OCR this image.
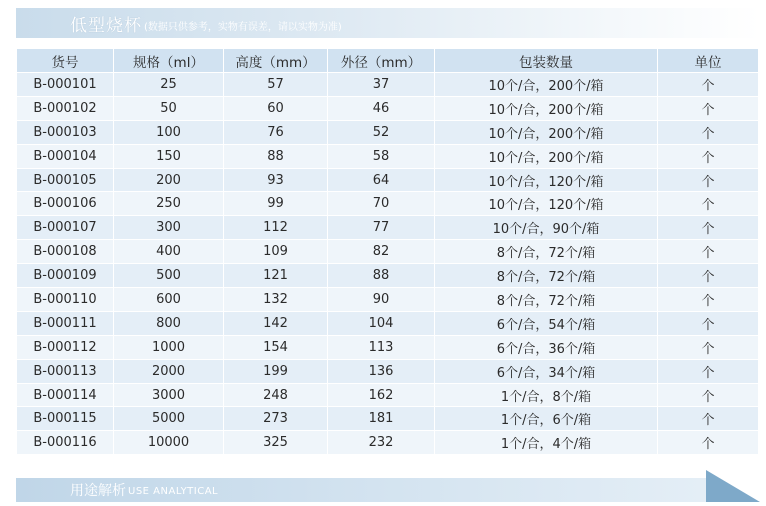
低型烧杯 (数据只供参考，实物有误差，请以实物为准)
货号	规格（ml）	高度（mm）	外径（mm）	包装数量	单位
B-000101	25	57	37	10个/合，200个/箱	个
B-000102	50	60	46	10个/合，200个/箱	个
B-000103	100	76	52	10个/合，200个/箱	个
B-000104	150	88	58	10个/合，200个/箱	个
B-000105	200	93	64	10个/合，120个/箱	个
B-000106	250	99	70	10个/合，120个/箱	个
B-000107	300	112	77	10个/合，90个/箱	个
B-000108	400	109	82	8个/合，72个/箱	个
B-000109	500	121	88	8个/合，72个/箱	个
B-000110	600	132	90	8个/合，72个/箱	个
B-000111	800	142	104	6个/合，54个/箱	个
B-000112	1000	154	113	6个/合，36个/箱	个
B-000113	2000	199	136	6个/合，34个/箱	个
B-000114	3000	248	162	1个/合，8个/箱	个
B-000115	5000	273	181	1个/合，6个/箱	个
B-000116	10000	325	232	1个/合，4个/箱	个
用途解析 USE ANALYTICAL
